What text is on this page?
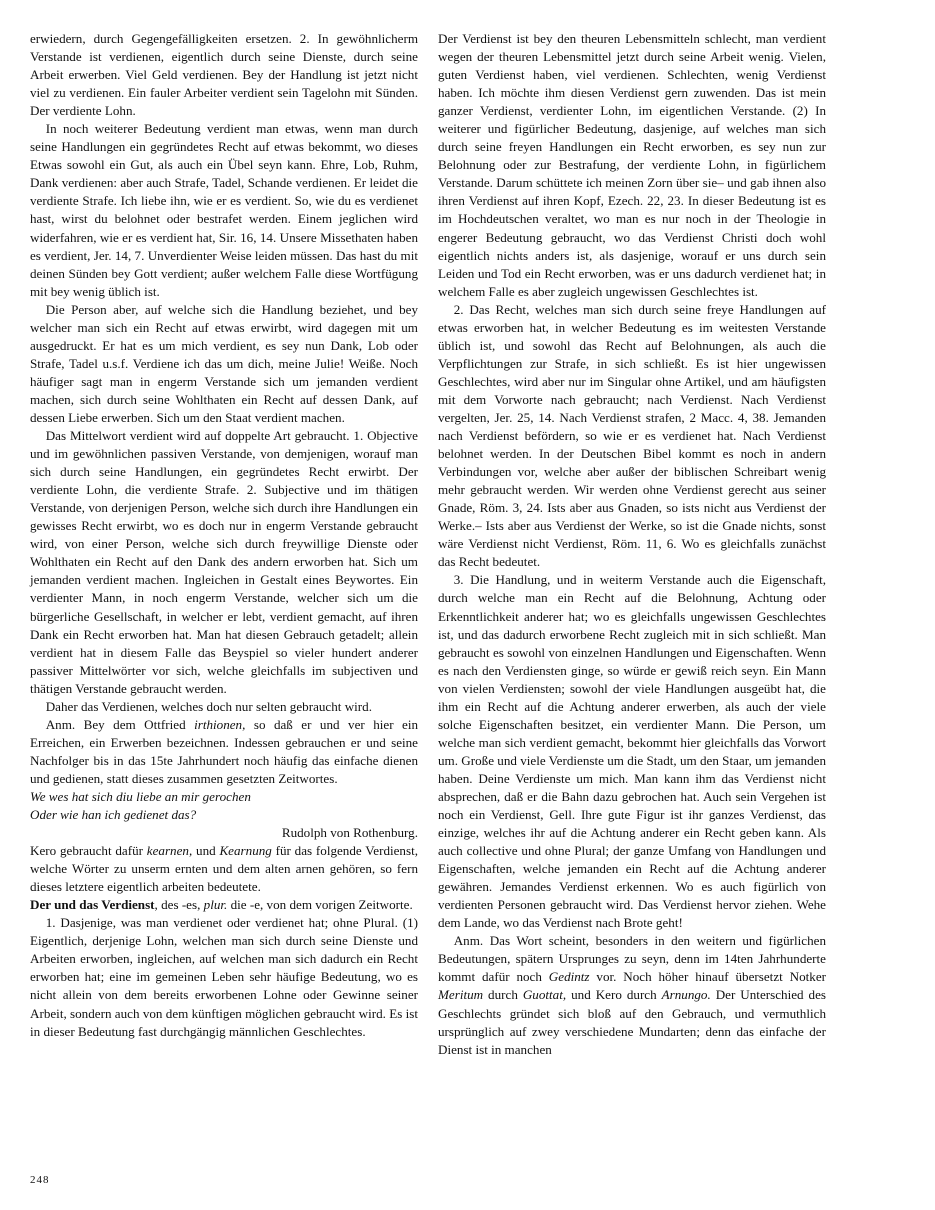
erwiedern, durch Gegengefälligkeiten ersetzen. 2. In gewöhnlicherm Verstande ist verdienen, eigentlich durch seine Dienste, durch seine Arbeit erwerben. Viel Geld verdienen. Bey der Handlung ist jetzt nicht viel zu verdienen. Ein fauler Arbeiter verdient sein Tagelohn mit Sünden. Der verdiente Lohn.

In noch weiterer Bedeutung verdient man etwas, wenn man durch seine Handlungen ein gegründetes Recht auf etwas bekommt, wo dieses Etwas sowohl ein Gut, als auch ein Übel seyn kann. Ehre, Lob, Ruhm, Dank verdienen: aber auch Strafe, Tadel, Schande verdienen. Er leidet die verdiente Strafe. Ich liebe ihn, wie er es verdient. So, wie du es verdienet hast, wirst du belohnet oder bestrafet werden. Einem jeglichen wird widerfahren, wie er es verdient hat, Sir. 16, 14. Unsere Missethaten haben es verdient, Jer. 14, 7. Unverdienter Weise leiden müssen. Das hast du mit deinen Sünden bey Gott verdient; außer welchem Falle diese Wortfügung mit bey wenig üblich ist.

Die Person aber, auf welche sich die Handlung beziehet, und bey welcher man sich ein Recht auf etwas erwirbt, wird dagegen mit um ausgedruckt. Er hat es um mich verdient, es sey nun Dank, Lob oder Strafe, Tadel u.s.f. Verdiene ich das um dich, meine Julie! Weiße. Noch häufiger sagt man in engerm Verstande sich um jemanden verdient machen, sich durch seine Wohlthaten ein Recht auf dessen Dank, auf dessen Liebe erwerben. Sich um den Staat verdient machen.

Das Mittelwort verdient wird auf doppelte Art gebraucht. 1. Objective und im gewöhnlichen passiven Verstande, von demjenigen, worauf man sich durch seine Handlungen, ein gegründetes Recht erwirbt. Der verdiente Lohn, die verdiente Strafe. 2. Subjective und im thätigen Verstande, von derjenigen Person, welche sich durch ihre Handlungen ein gewisses Recht erwirbt, wo es doch nur in engerm Verstande gebraucht wird, von einer Person, welche sich durch freywillige Dienste oder Wohlthaten ein Recht auf den Dank des andern erworben hat. Sich um jemanden verdient machen. Ingleichen in Gestalt eines Beywortes. Ein verdienter Mann, in noch engerm Verstande, welcher sich um die bürgerliche Gesellschaft, in welcher er lebt, verdient gemacht, auf ihren Dank ein Recht erworben hat. Man hat diesen Gebrauch getadelt; allein verdient hat in diesem Falle das Beyspiel so vieler hundert anderer passiver Mittelwörter vor sich, welche gleichfalls im subjectiven und thätigen Verstande gebraucht werden.

Daher das Verdienen, welches doch nur selten gebraucht wird.

Anm. Bey dem Ottfried irthionen, so daß er und ver hier ein Erreichen, ein Erwerben bezeichnen. Indessen gebrauchen er und seine Nachfolger bis in das 15te Jahrhundert noch häufig das einfache dienen und gedienen, statt dieses zusammen gesetzten Zeitwortes.

We wes hat sich diu liebe an mir gerochen

Oder wie han ich gedienet das?

Rudolph von Rothenburg.

Kero gebraucht dafür kearnen, und Kearnung für das folgende Verdienst, welche Wörter zu unserm ernten und dem alten arnen gehören, so fern dieses letztere eigentlich arbeiten bedeutete.

Der und das Verdienst, des -es, plur. die -e, von dem vorigen Zeitworte.

1. Dasjenige, was man verdienet oder verdienet hat; ohne Plural. (1) Eigentlich, derjenige Lohn, welchen man sich durch seine Dienste und Arbeiten erworben, ingleichen, auf welchen man sich dadurch ein Recht erworben hat; eine im gemeinen Leben sehr häufige Bedeutung, wo es nicht allein von dem bereits erworbenen Lohne oder Gewinne seiner Arbeit, sondern auch von dem künftigen möglichen gebraucht wird. Es ist in dieser Bedeutung fast durchgängig männlichen Geschlechtes.

Der Verdienst ist bey den theuren Lebensmitteln schlecht, man verdient wegen der theuren Lebensmittel jetzt durch seine Arbeit wenig. Vielen, guten Verdienst haben, viel verdienen. Schlechten, wenig Verdienst haben. Ich möchte ihm diesen Verdienst gern zuwenden. Das ist mein ganzer Verdienst, verdienter Lohn, im eigentlichen Verstande. (2) In weiterer und figürlicher Bedeutung, dasjenige, auf welches man sich durch seine freyen Handlungen ein Recht erworben, es sey nun zur Belohnung oder zur Bestrafung, der verdiente Lohn, in figürlichem Verstande. Darum schüttete ich meinen Zorn über sie– und gab ihnen also ihren Verdienst auf ihren Kopf, Ezech. 22, 23. In dieser Bedeutung ist es im Hochdeutschen veraltet, wo man es nur noch in der Theologie in engerer Bedeutung gebraucht, wo das Verdienst Christi doch wohl eigentlich nichts anders ist, als dasjenige, worauf er uns durch sein Leiden und Tod ein Recht erworben, was er uns dadurch verdienet hat; in welchem Falle es aber zugleich ungewissen Geschlechtes ist.

2. Das Recht, welches man sich durch seine freye Handlungen auf etwas erworben hat, in welcher Bedeutung es im weitesten Verstande üblich ist, und sowohl das Recht auf Belohnungen, als auch die Verpflichtungen zur Strafe, in sich schließt. Es ist hier ungewissen Geschlechtes, wird aber nur im Singular ohne Artikel, und am häufigsten mit dem Vorworte nach gebraucht; nach Verdienst. Nach Verdienst vergelten, Jer. 25, 14. Nach Verdienst strafen, 2 Macc. 4, 38. Jemanden nach Verdienst befördern, so wie er es verdienet hat. Nach Verdienst belohnet werden. In der Deutschen Bibel kommt es noch in andern Verbindungen vor, welche aber außer der biblischen Schreibart wenig mehr gebraucht werden. Wir werden ohne Verdienst gerecht aus seiner Gnade, Röm. 3, 24. Ists aber aus Gnaden, so ists nicht aus Verdienst der Werke.– Ists aber aus Verdienst der Werke, so ist die Gnade nichts, sonst wäre Verdienst nicht Verdienst, Röm. 11, 6. Wo es gleichfalls zunächst das Recht bedeutet.

3. Die Handlung, und in weiterm Verstande auch die Eigenschaft, durch welche man ein Recht auf die Belohnung, Achtung oder Erkenntlichkeit anderer hat; wo es gleichfalls ungewissen Geschlechtes ist, und das dadurch erworbene Recht zugleich mit in sich schließt. Man gebraucht es sowohl von einzelnen Handlungen und Eigenschaften. Wenn es nach den Verdiensten ginge, so würde er gewiß reich seyn. Ein Mann von vielen Verdiensten; sowohl der viele Handlungen ausgeübt hat, die ihm ein Recht auf die Achtung anderer erwerben, als auch der viele solche Eigenschaften besitzet, ein verdienter Mann. Die Person, um welche man sich verdient gemacht, bekommt hier gleichfalls das Vorwort um. Große und viele Verdienste um die Stadt, um den Staar, um jemanden haben. Deine Verdienste um mich. Man kann ihm das Verdienst nicht absprechen, daß er die Bahn dazu gebrochen hat. Auch sein Vergehen ist noch ein Verdienst, Gell. Ihre gute Figur ist ihr ganzes Verdienst, das einzige, welches ihr auf die Achtung anderer ein Recht geben kann. Als auch collective und ohne Plural; der ganze Umfang von Handlungen und Eigenschaften, welche jemanden ein Recht auf die Achtung anderer gewähren. Jemandes Verdienst erkennen. Wo es auch figürlich von verdienten Personen gebraucht wird. Das Verdienst hervor ziehen. Wehe dem Lande, wo das Verdienst nach Brote geht!

Anm. Das Wort scheint, besonders in den weitern und figürlichen Bedeutungen, spätern Ursprunges zu seyn, denn im 14ten Jahrhunderte kommt dafür noch Gedintz vor. Noch höher hinauf übersetzt Notker Meritum durch Guottat, und Kero durch Arnungo. Der Unterschied des Geschlechts gründet sich bloß auf den Gebrauch, und vermuthlich ursprünglich auf zwey verschiedene Mundarten; denn das einfache der Dienst ist in manchen

248
